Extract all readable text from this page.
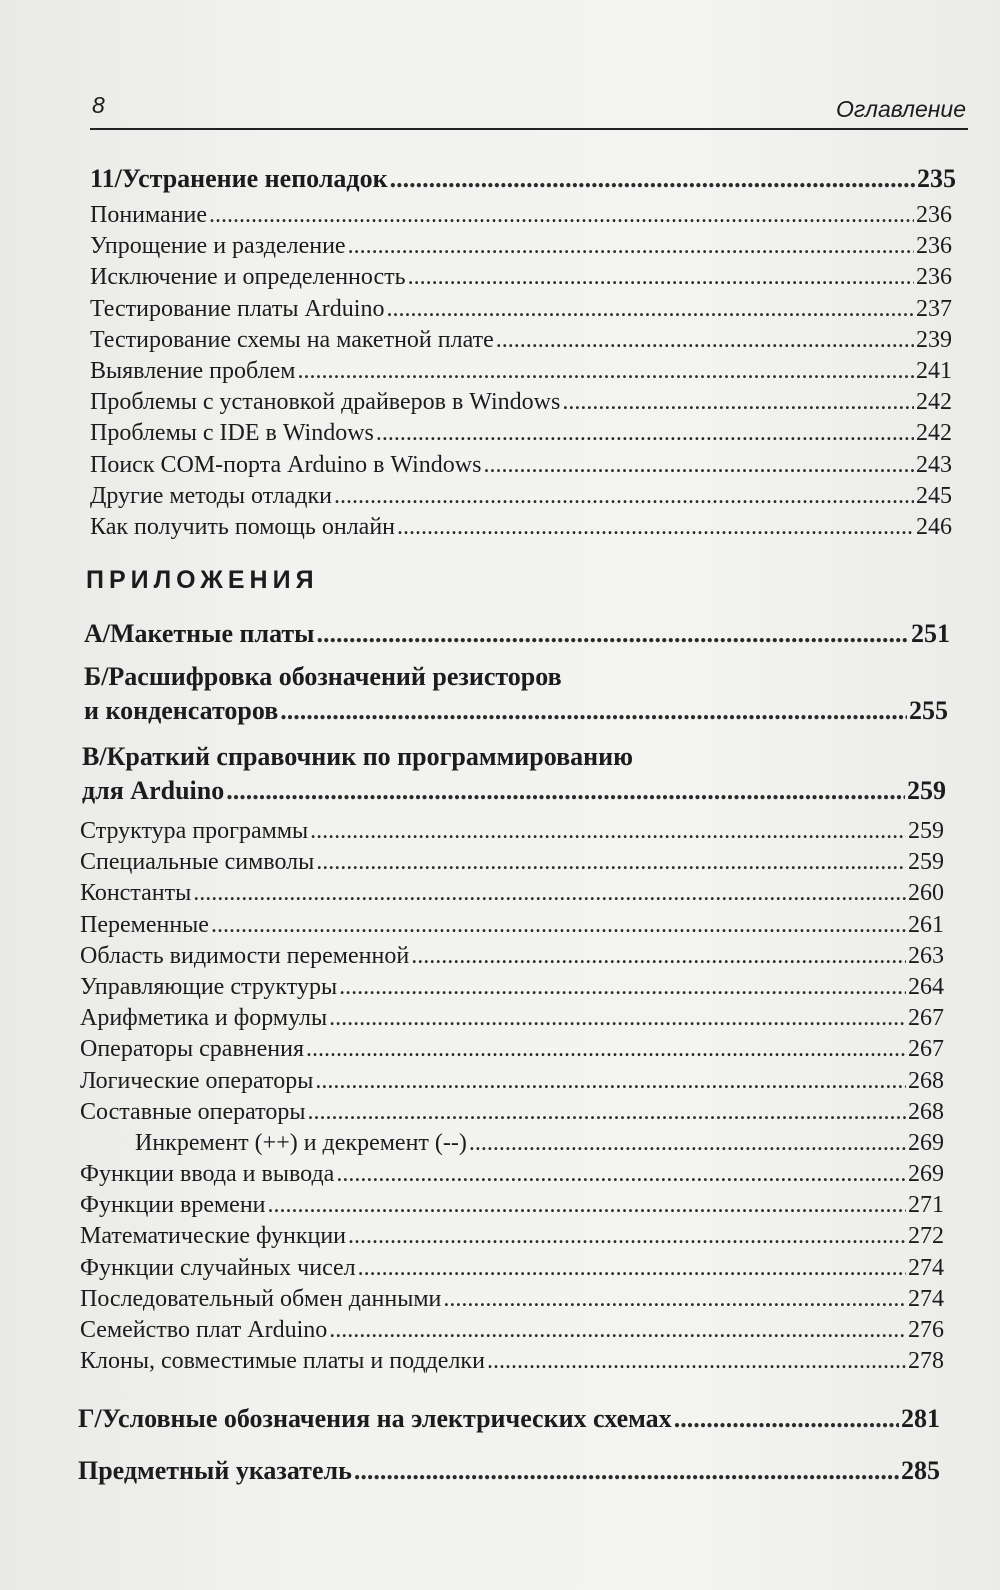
8	Оглавление
11/Устранение неполадок .....	235
Понимание .....	236
Упрощение и разделение .....	236
Исключение и определенность .....	236
Тестирование платы Arduino .....	237
Тестирование схемы на макетной плате .....	239
Выявление проблем .....	241
Проблемы с установкой драйверов в Windows .....	242
Проблемы с IDE в Windows .....	242
Поиск COM-порта Arduino в Windows .....	243
Другие методы отладки .....	245
Как получить помощь онлайн .....	246
ПРИЛОЖЕНИЯ
А/Макетные платы .....	251
Б/Расшифровка обозначений резисторов
и конденсаторов .....	255
В/Краткий справочник по программированию
для Arduino .....	259
Структура программы .....	259
Специальные символы .....	259
Константы .....	260
Переменные .....	261
Область видимости переменной .....	263
Управляющие структуры .....	264
Арифметика и формулы .....	267
Операторы сравнения .....	267
Логические операторы .....	268
Составные операторы .....	268
Инкремент (++) и декремент (--) .....	269
Функции ввода и вывода .....	269
Функции времени .....	271
Математические функции .....	272
Функции случайных чисел .....	274
Последовательный обмен данными .....	274
Семейство плат Arduino .....	276
Клоны, совместимые платы и подделки .....	278
Г/Условные обозначения на электрических схемах .....	281
Предметный указатель .....	285
